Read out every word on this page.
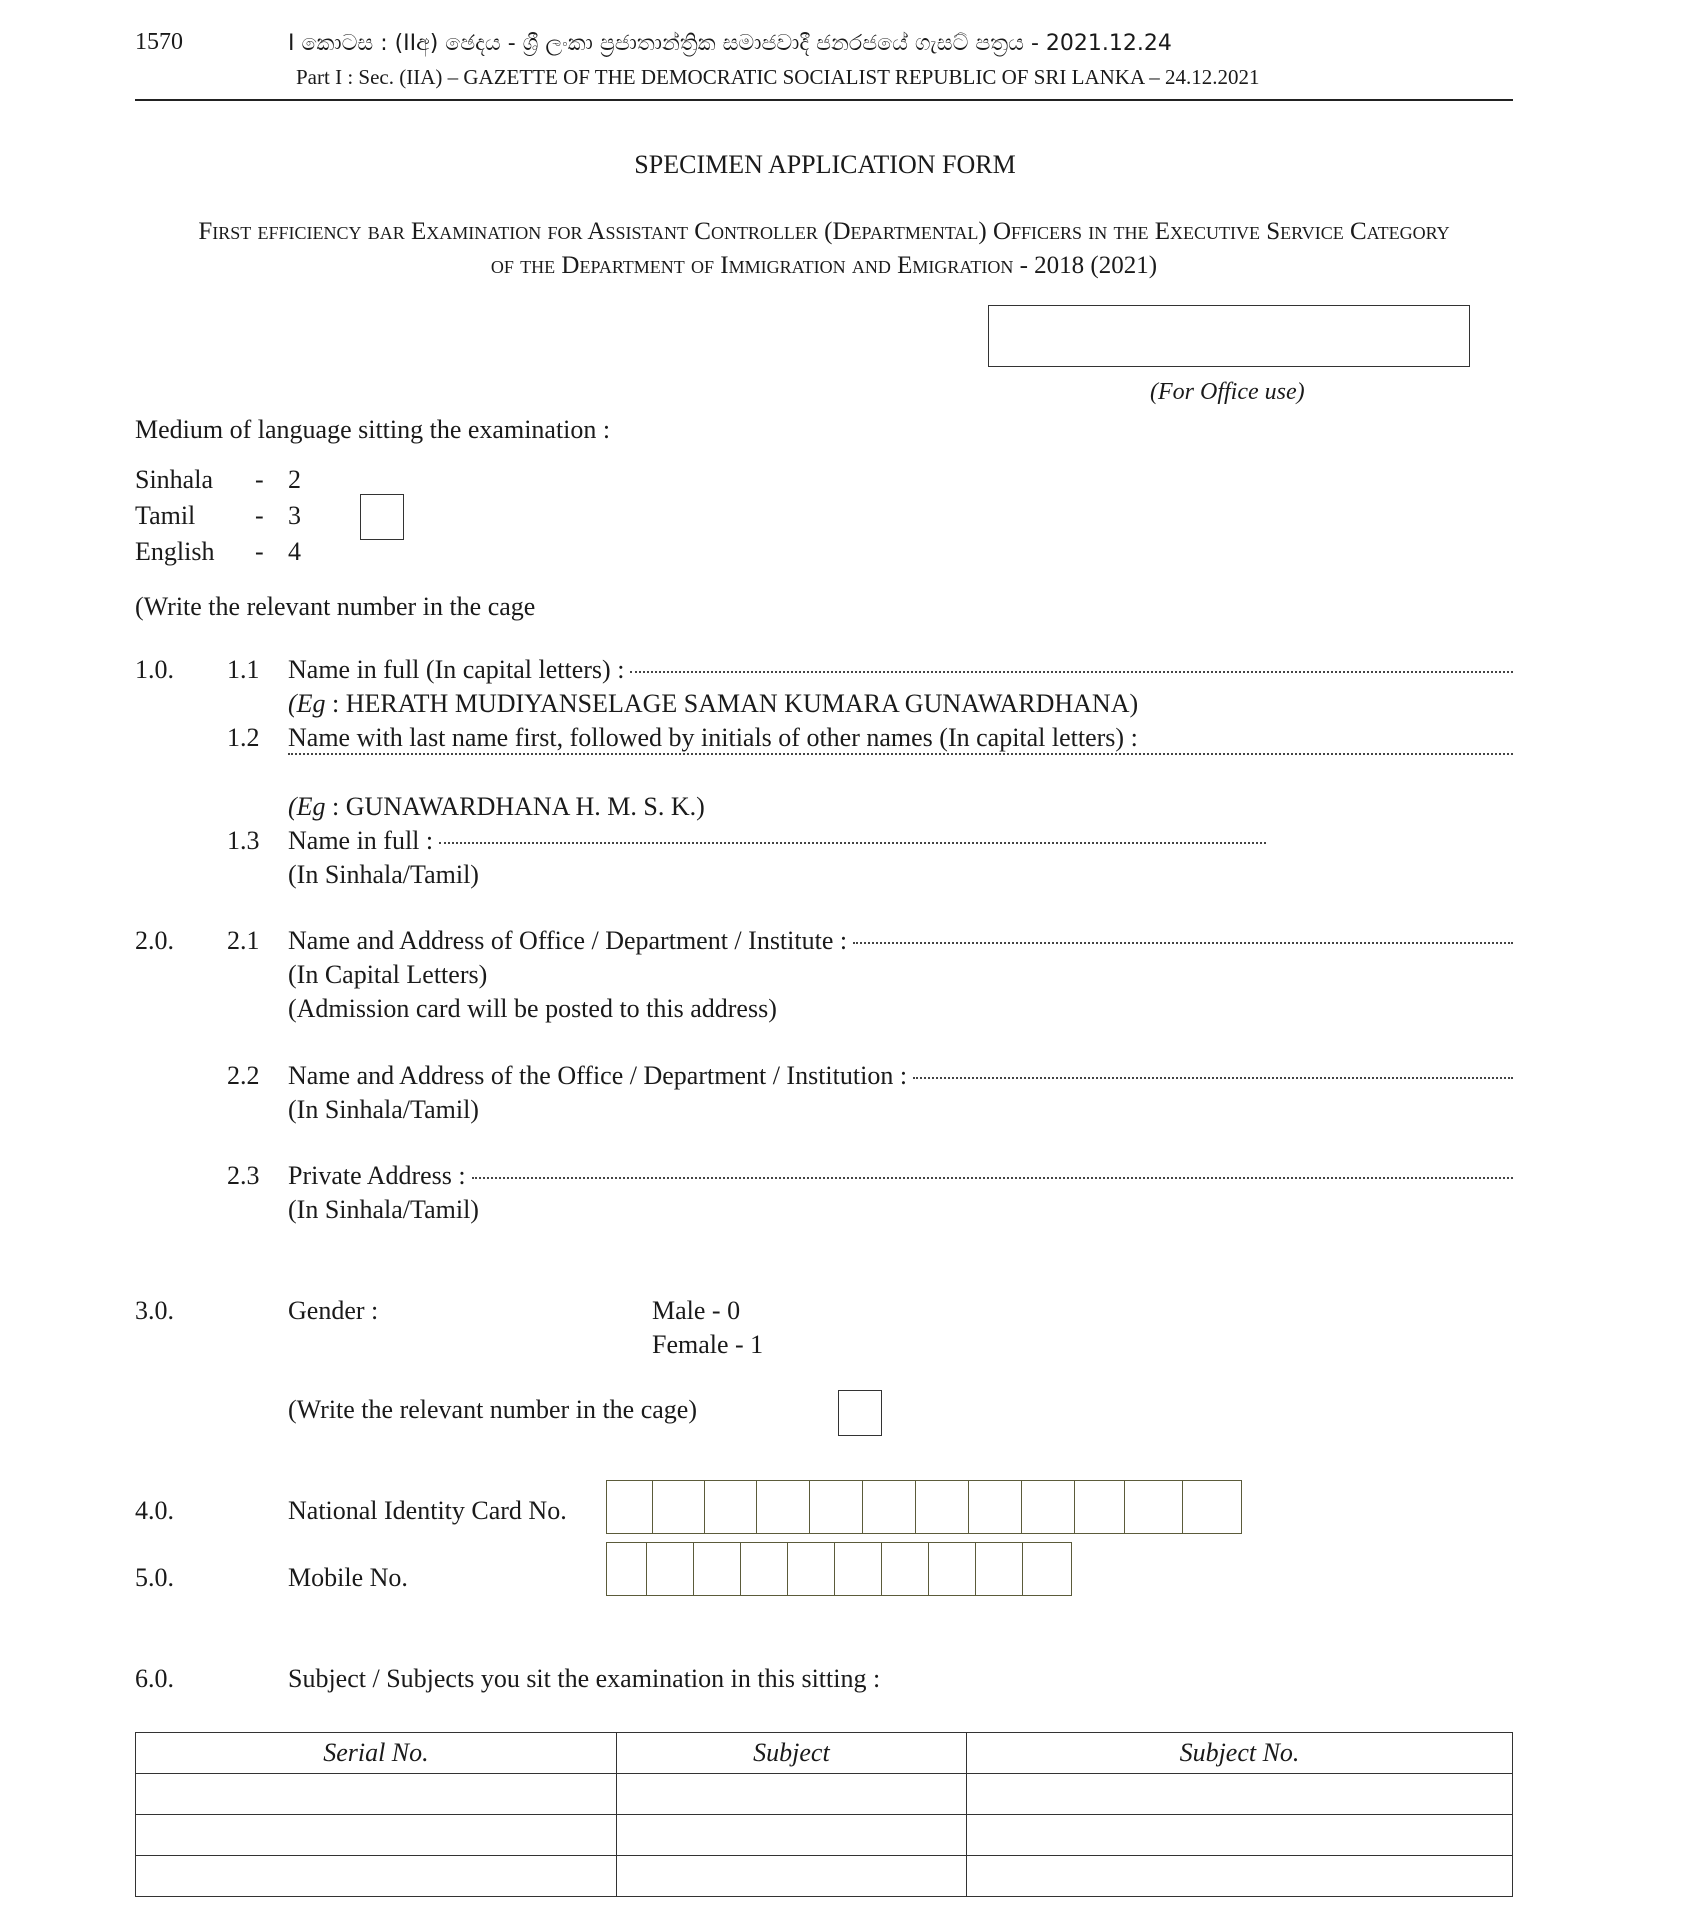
1570	I කොටස : (IIඅ) ඡෙදය - ශ්‍රී ලංකා ප්‍රජාතාන්ත්‍රික සමාජවාදී ජනරජයේ ගැසට් පත්‍රය - 2021.12.24
Part I : Sec. (IIA) – GAZETTE OF THE DEMOCRATIC SOCIALIST REPUBLIC OF SRI LANKA – 24.12.2021
SPECIMEN APPLICATION FORM
First efficiency bar Examination for Assistant Controller (Departmental) Officers in the Executive Service Category
of the Department of Immigration and Emigration - 2018 (2021)
(For Office use)
Medium of language sitting the examination :
Sinhala - 2
Tamil - 3
English - 4
(Write the relevant number in the cage
1.0. 1.1 Name in full (In capital letters) :
(Eg : HERATH MUDIYANSELAGE SAMAN KUMARA GUNAWARDHANA)
1.2 Name with last name first, followed by initials of other names (In capital letters) :
(Eg : GUNAWARDHANA H. M. S. K.)
1.3 Name in full :
(In Sinhala/Tamil)
2.0. 2.1 Name and Address of Office / Department / Institute :
(In Capital Letters)
(Admission card will be posted to this address)
2.2 Name and Address of the Office / Department / Institution :
(In Sinhala/Tamil)
2.3 Private Address :
(In Sinhala/Tamil)
3.0.	Gender :	Male - 0
Female - 1
(Write the relevant number in the cage)
4.0.	National Identity Card No.
5.0.	Mobile No.
6.0.	Subject / Subjects you sit the examination in this sitting :
Serial No.	Subject	Subject No.
